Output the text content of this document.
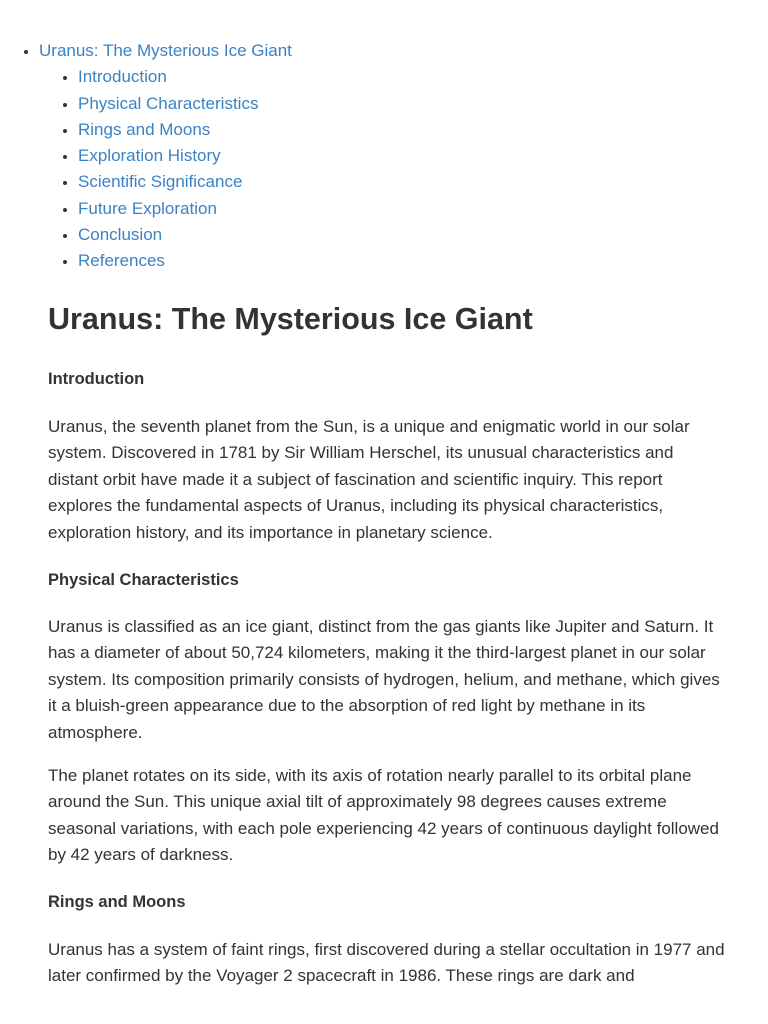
• Uranus: The Mysterious Ice Giant
• Introduction
• Physical Characteristics
• Rings and Moons
• Exploration History
• Scientific Significance
• Future Exploration
• Conclusion
• References
Uranus: The Mysterious Ice Giant
Introduction

Uranus, the seventh planet from the Sun, is a unique and enigmatic world in our solar system. Discovered in 1781 by Sir William Herschel, its unusual characteristics and distant orbit have made it a subject of fascination and scientific inquiry. This report explores the fundamental aspects of Uranus, including its physical characteristics, exploration history, and its importance in planetary science.

Physical Characteristics

Uranus is classified as an ice giant, distinct from the gas giants like Jupiter and Saturn. It has a diameter of about 50,724 kilometers, making it the third-largest planet in our solar system. Its composition primarily consists of hydrogen, helium, and methane, which gives it a bluish-green appearance due to the absorption of red light by methane in its atmosphere.

The planet rotates on its side, with its axis of rotation nearly parallel to its orbital plane around the Sun. This unique axial tilt of approximately 98 degrees causes extreme seasonal variations, with each pole experiencing 42 years of continuous daylight followed by 42 years of darkness.

Rings and Moons

Uranus has a system of faint rings, first discovered during a stellar occultation in 1977 and later confirmed by the Voyager 2 spacecraft in 1986. These rings are dark and
